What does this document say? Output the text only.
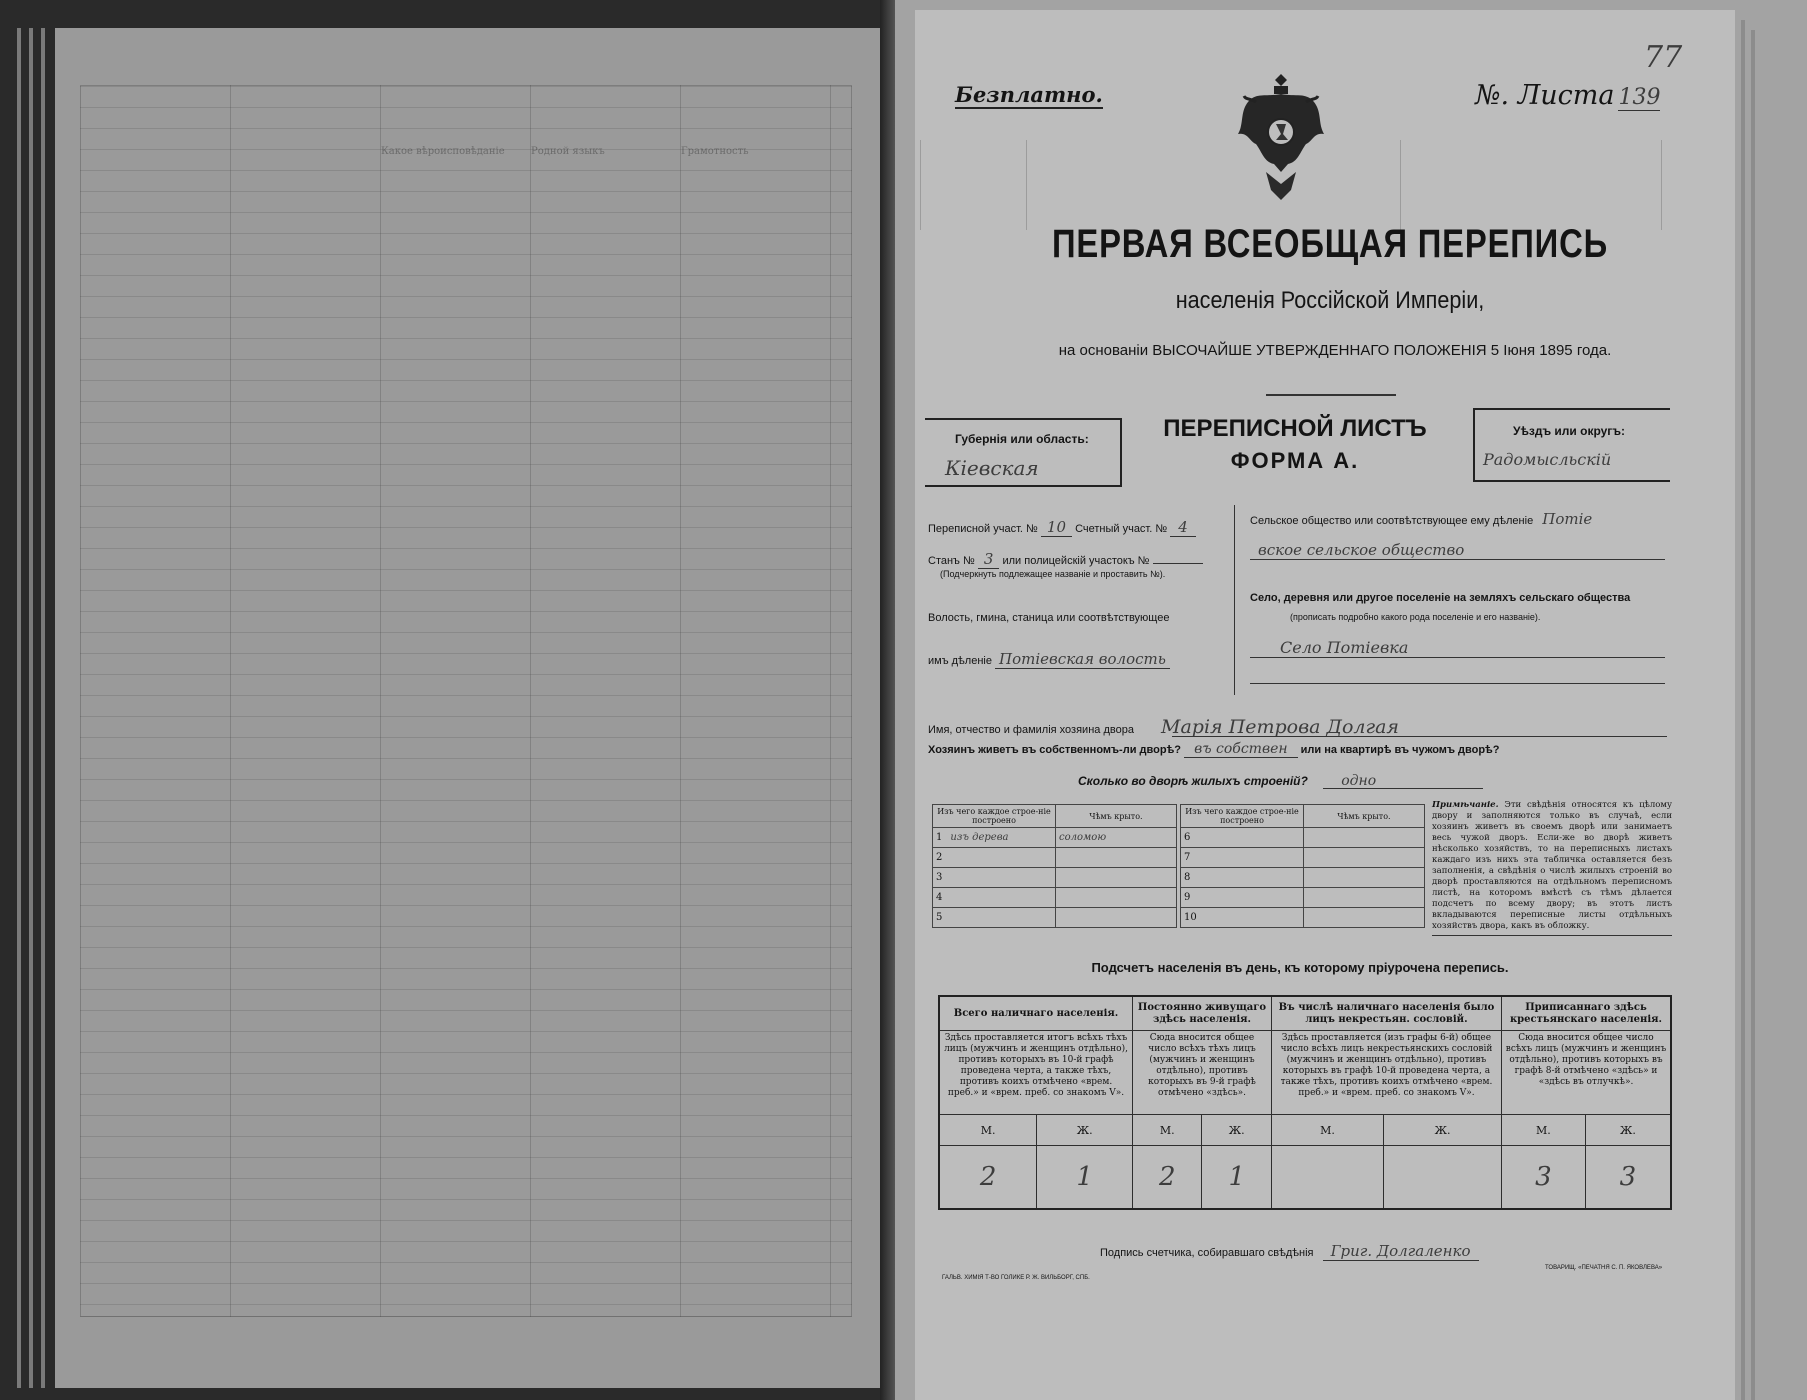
Какое вѣроисповѣданіе	Родной языкъ	Грамотность
77
Безплатно.	№. Листа 139
ПЕРВАЯ ВСЕОБЩАЯ ПЕРЕПИСЬ
населенія Россійской Имперіи,
на основаніи ВЫСОЧАЙШЕ УТВЕРЖДЕННАГО ПОЛОЖЕНІЯ 5 Іюня 1895 года.
Губернія или область:
Кіевская
ПЕРЕПИСНОЙ ЛИСТЪ
ФОРМА А.
Уѣздъ или округъ:
Радомысльскій
Переписной участ. № 10 Счетный участ. № 4
Станъ № 3 или полицейскій участокъ №
(Подчеркнуть подлежащее названіе и проставить №).
Волость, гмина, станица или соотвѣтствующее
имъ дѣленіе Потіевская волость
Сельское общество или соотвѣтствующее ему дѣленіе Потіе
вское сельское общество
Село, деревня или другое поселеніе на земляхъ сельскаго общества
(прописать подробно какого рода поселеніе и его названіе).
Село Потіевка
Имя, отчество и фамилія хозяина двора Марія Петрова Долгая
Хозяинъ живетъ въ собственномъ-ли дворѣ? въ собствен или на квартирѣ въ чужомъ дворѣ?
Сколько во дворѣ жилыхъ строеній? одно
Изъ чего каждое строе-ніе построено	Чѣмъ крыто.
1 изъ дерева	соломою
2	
3	
4	
5	
Изъ чего каждое строе-ніе построено	Чѣмъ крыто.
6	
7	
8	
9	
10	
Примѣчаніе. Эти свѣдѣнія относятся къ цѣлому двору и заполняются только въ случаѣ, если хозяинъ живетъ въ своемъ дворѣ или занимаетъ весь чужой дворъ. Если-же во дворѣ живетъ нѣсколько хозяйствъ, то на переписныхъ листахъ каждаго изъ нихъ эта табличка оставляется безъ заполненія, а свѣдѣнія о числѣ жилыхъ строеній во дворѣ проставляются на отдѣльномъ переписномъ листѣ, на которомъ вмѣстѣ съ тѣмъ дѣлается подсчетъ по всему двору; въ этотъ листъ вкладываются переписные листы отдѣльныхъ хозяйствъ двора, какъ въ обложку.
Подсчетъ населенія въ день, къ которому пріурочена перепись.
Всего наличнаго населенія.		Постоянно живущаго здѣсь населенія.		Въ числѣ наличнаго населенія было лицъ некрестьян. сословій.		Приписаннаго здѣсь крестьянскаго населенія.	
Здѣсь проставляется итогъ всѣхъ тѣхъ лицъ (мужчинъ и женщинъ отдѣльно), противъ которыхъ въ 10-й графѣ проведена черта, а также тѣхъ, противъ коихъ отмѣчено «врем. преб.» и «врем. преб. со знакомъ V».		Сюда вносится общее число всѣхъ тѣхъ лицъ (мужчинъ и женщинъ отдѣльно), противъ которыхъ въ 9-й графѣ отмѣчено «здѣсь».		Здѣсь проставляется (изъ графы 6-й) общее число всѣхъ лицъ некрестьянскихъ сословій (мужчинъ и женщинъ отдѣльно), противъ которыхъ въ графѣ 10-й проведена черта, а также тѣхъ, противъ коихъ отмѣчено «врем. преб.» и «врем. преб. со знакомъ V».		Сюда вносится общее число всѣхъ лицъ (мужчинъ и женщинъ отдѣльно), противъ которыхъ въ графѣ 8-й отмѣчено «здѣсь» и «здѣсь въ отлучкѣ».	
М.	Ж.	М.	Ж.	М.	Ж.	М.	Ж.
2	1	2	1			3	3
Подпись счетчика, собиравшаго свѣдѣнія Григ. Долгаленко
ГАЛЬВ. ХИМІЯ Т-ВО ГОЛИКЕ Р. Ж. ВИЛЬБОРГ, СПБ.
ТОВАРИЩ. «ПЕЧАТНЯ С. П. ЯКОВЛЕВА»
